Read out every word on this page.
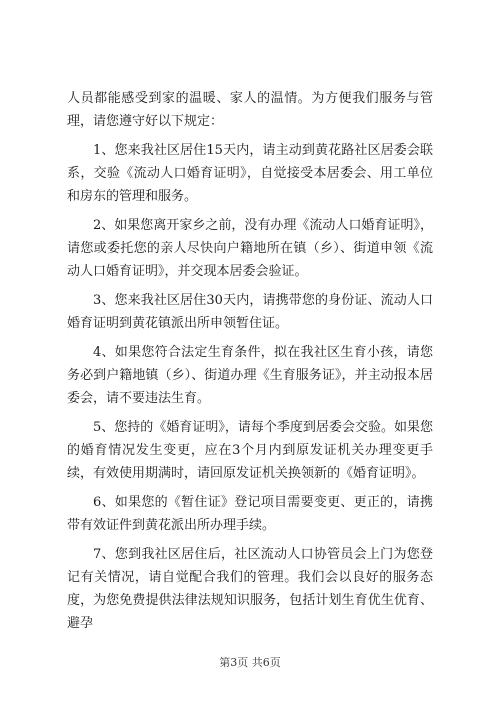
人员都能感受到家的温暖、家人的温情。为方便我们服务与管理，请您遵守好以下规定：

1、您来我社区居住15天内，请主动到黄花路社区居委会联系，交验《流动人口婚育证明》，自觉接受本居委会、用工单位和房东的管理和服务。

2、如果您离开家乡之前，没有办理《流动人口婚育证明》，请您或委托您的亲人尽快向户籍地所在镇（乡）、街道申领《流动人口婚育证明》，并交现本居委会验证。

3、您来我社区居住30天内，请携带您的身份证、流动人口婚育证明到黄花镇派出所申领暂住证。

4、如果您符合法定生育条件，拟在我社区生育小孩，请您务必到户籍地镇（乡）、街道办理《生育服务证》，并主动报本居委会，请不要违法生育。

5、您持的《婚育证明》，请每个季度到居委会交验。如果您的婚育情况发生变更，应在3个月内到原发证机关办理变更手续，有效使用期满时，请回原发证机关换领新的《婚育证明》。

6、如果您的《暂住证》登记项目需要变更、更正的，请携带有效证件到黄花派出所办理手续。

7、您到我社区居住后，社区流动人口协管员会上门为您登记有关情况，请自觉配合我们的管理。我们会以良好的服务态度，为您免费提供法律法规知识服务，包括计划生育优生优育、避孕

第3页 共6页
